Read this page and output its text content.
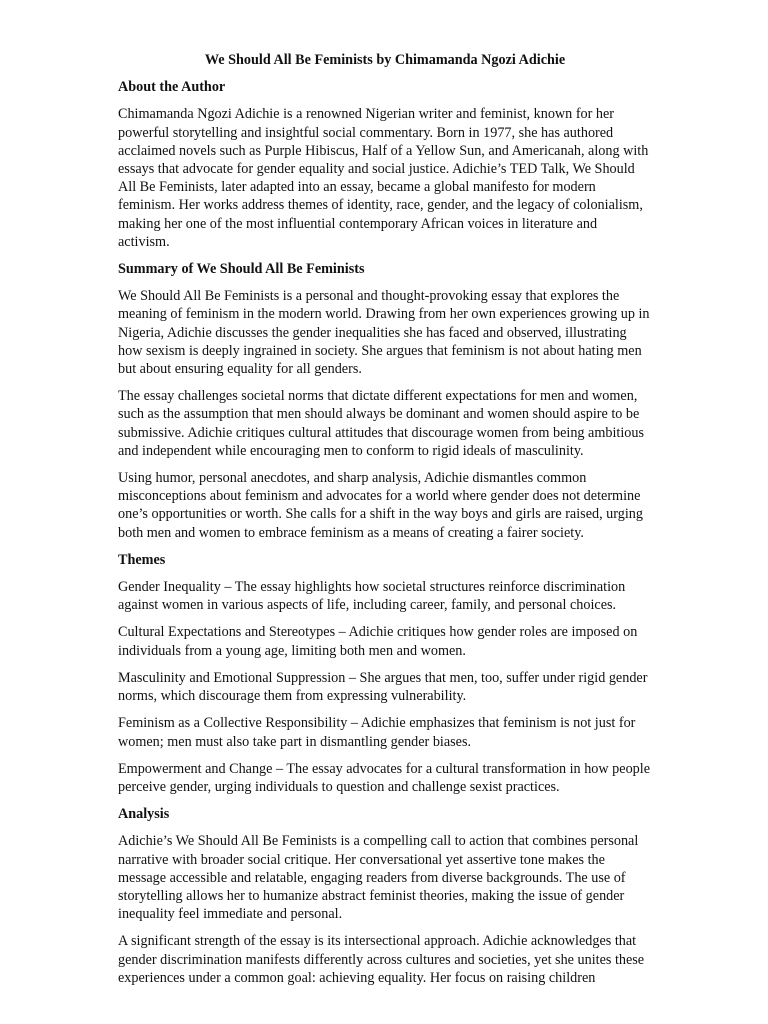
We Should All Be Feminists by Chimamanda Ngozi Adichie
About the Author

Chimamanda Ngozi Adichie is a renowned Nigerian writer and feminist, known for her powerful storytelling and insightful social commentary. Born in 1977, she has authored acclaimed novels such as Purple Hibiscus, Half of a Yellow Sun, and Americanah, along with essays that advocate for gender equality and social justice. Adichie’s TED Talk, We Should All Be Feminists, later adapted into an essay, became a global manifesto for modern feminism. Her works address themes of identity, race, gender, and the legacy of colonialism, making her one of the most influential contemporary African voices in literature and activism.

Summary of We Should All Be Feminists

We Should All Be Feminists is a personal and thought-provoking essay that explores the meaning of feminism in the modern world. Drawing from her own experiences growing up in Nigeria, Adichie discusses the gender inequalities she has faced and observed, illustrating how sexism is deeply ingrained in society. She argues that feminism is not about hating men but about ensuring equality for all genders.

The essay challenges societal norms that dictate different expectations for men and women, such as the assumption that men should always be dominant and women should aspire to be submissive. Adichie critiques cultural attitudes that discourage women from being ambitious and independent while encouraging men to conform to rigid ideals of masculinity.

Using humor, personal anecdotes, and sharp analysis, Adichie dismantles common misconceptions about feminism and advocates for a world where gender does not determine one’s opportunities or worth. She calls for a shift in the way boys and girls are raised, urging both men and women to embrace feminism as a means of creating a fairer society.

Themes

Gender Inequality – The essay highlights how societal structures reinforce discrimination against women in various aspects of life, including career, family, and personal choices.

Cultural Expectations and Stereotypes – Adichie critiques how gender roles are imposed on individuals from a young age, limiting both men and women.

Masculinity and Emotional Suppression – She argues that men, too, suffer under rigid gender norms, which discourage them from expressing vulnerability.

Feminism as a Collective Responsibility – Adichie emphasizes that feminism is not just for women; men must also take part in dismantling gender biases.

Empowerment and Change – The essay advocates for a cultural transformation in how people perceive gender, urging individuals to question and challenge sexist practices.

Analysis

Adichie’s We Should All Be Feminists is a compelling call to action that combines personal narrative with broader social critique. Her conversational yet assertive tone makes the message accessible and relatable, engaging readers from diverse backgrounds. The use of storytelling allows her to humanize abstract feminist theories, making the issue of gender inequality feel immediate and personal.

A significant strength of the essay is its intersectional approach. Adichie acknowledges that gender discrimination manifests differently across cultures and societies, yet she unites these experiences under a common goal: achieving equality. Her focus on raising children
